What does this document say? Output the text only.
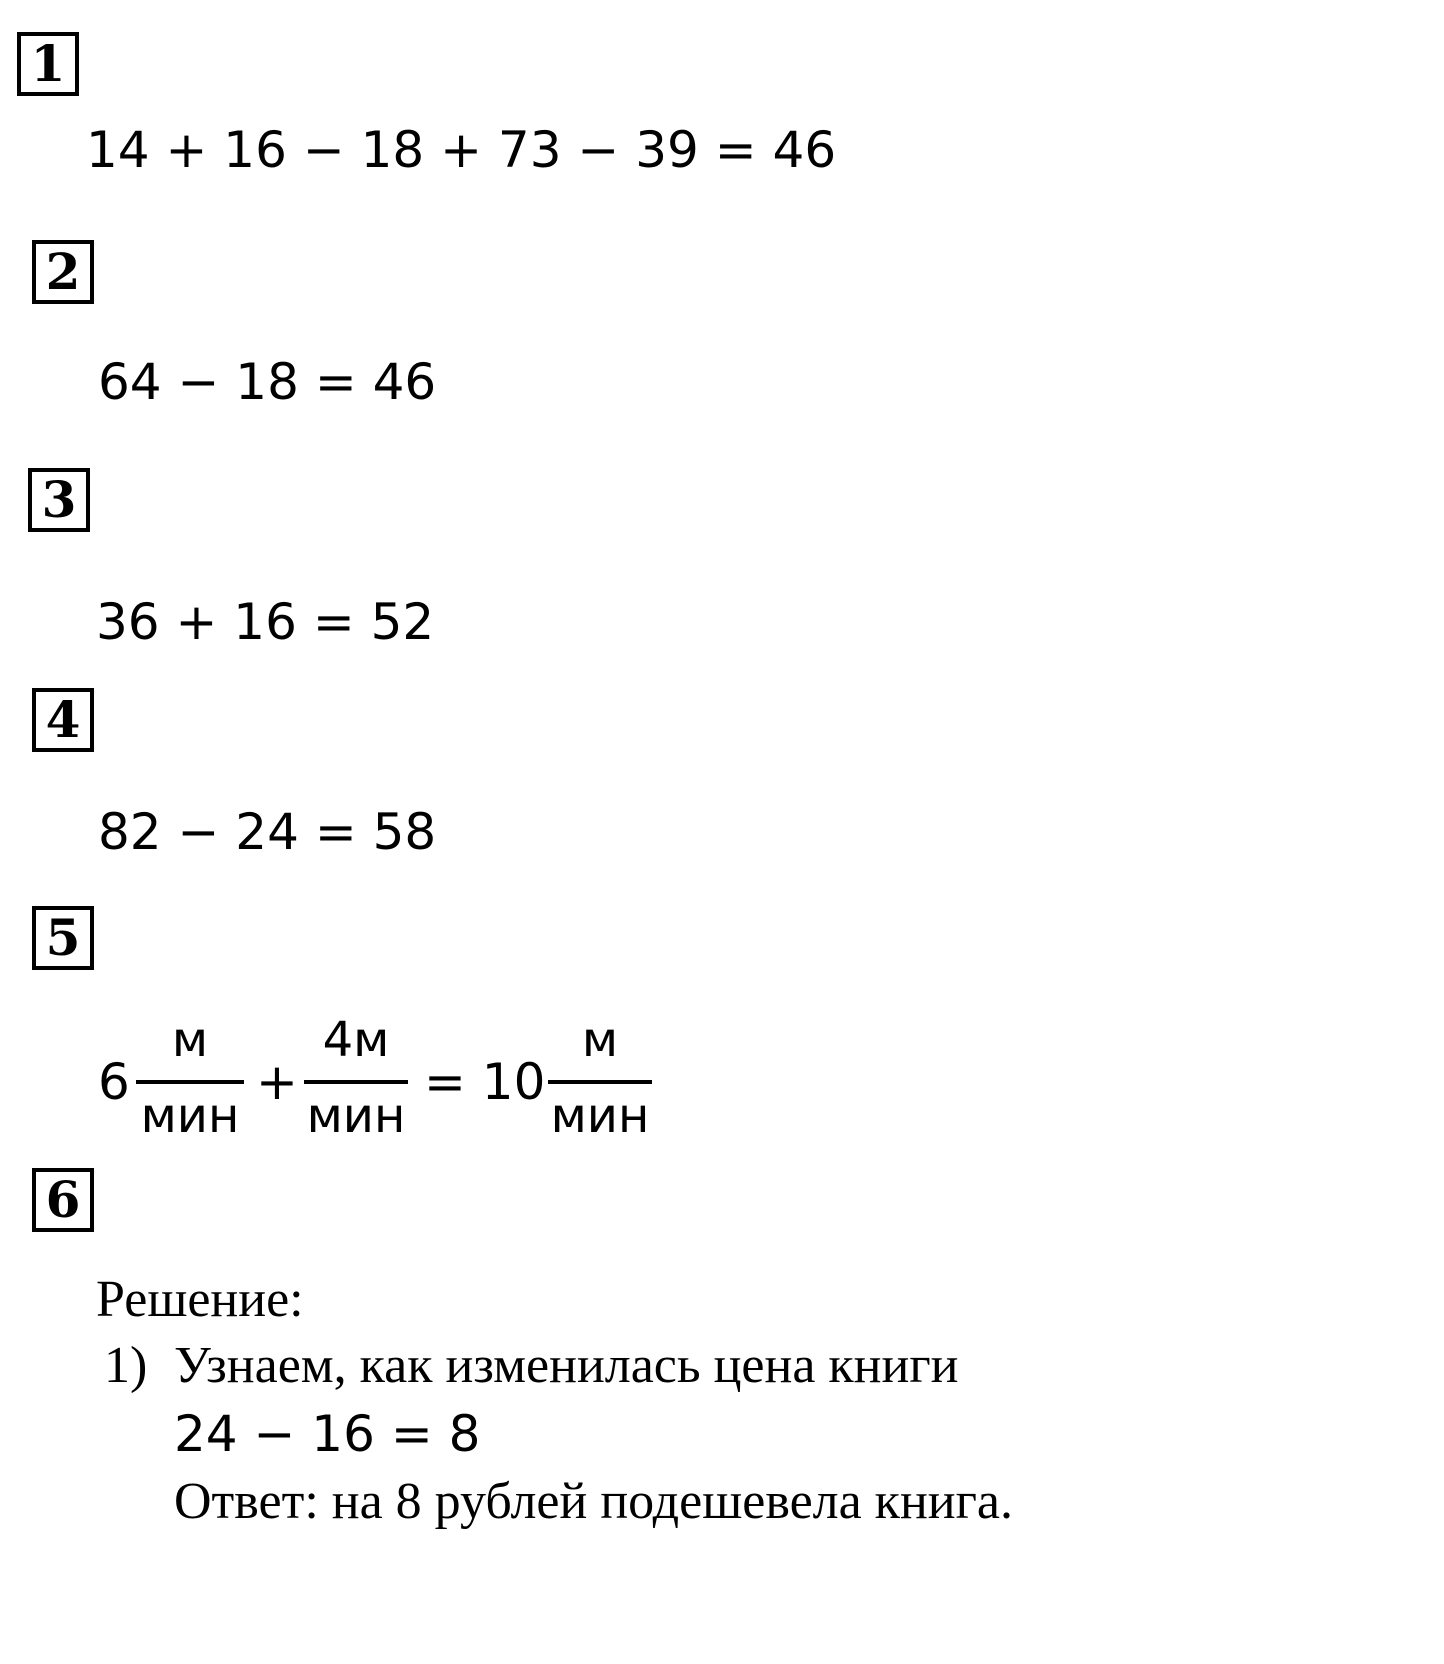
1
14 + 16 − 18 + 73 − 39 = 46
2
64 − 18 = 46
3
36 + 16 = 52
4
82 − 24 = 58
5
6
м
мин
+
4м
мин
= 10
м
мин
6
Решение:
1) Узнаем, как изменилась цена книги
24 − 16 = 8
Ответ: на 8 рублей подешевела книга.
